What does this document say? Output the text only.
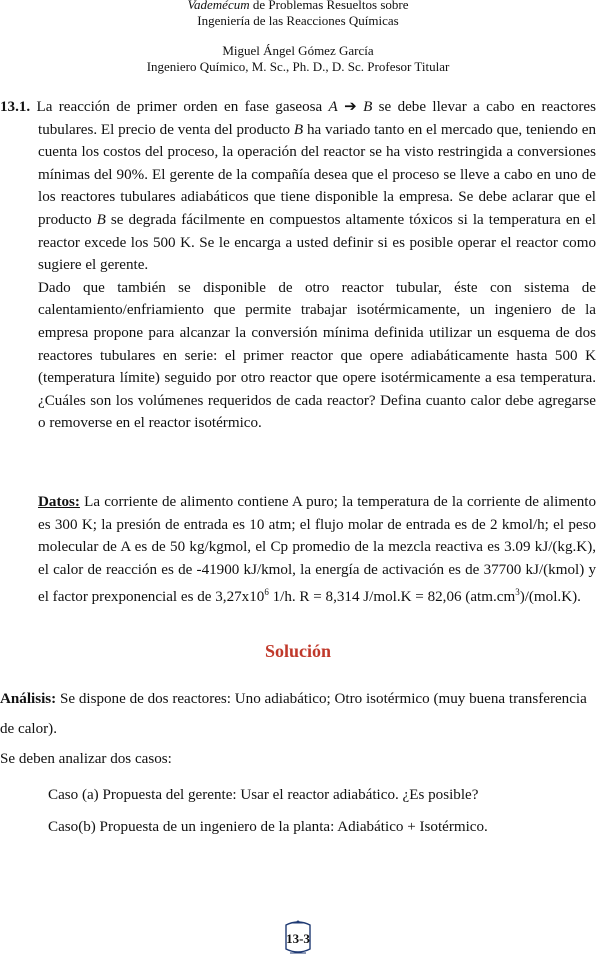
Vademécum de Problemas Resueltos sobre
Ingeniería de las Reacciones Químicas
Miguel Ángel Gómez García
Ingeniero Químico, M. Sc., Ph. D., D. Sc. Profesor Titular

13.1. La reacción de primer orden en fase gaseosa A ➔ B se debe llevar a cabo en reactores tubulares. El precio de venta del producto B ha variado tanto en el mercado que, teniendo en cuenta los costos del proceso, la operación del reactor se ha visto restringida a conversiones mínimas del 90%. El gerente de la compañía desea que el proceso se lleve a cabo en uno de los reactores tubulares adiabáticos que tiene disponible la empresa. Se debe aclarar que el producto B se degrada fácilmente en compuestos altamente tóxicos si la temperatura en el reactor excede los 500 K. Se le encarga a usted definir si es posible operar el reactor como sugiere el gerente.

Dado que también se disponible de otro reactor tubular, éste con sistema de calentamiento/enfriamiento que permite trabajar isotérmicamente, un ingeniero de la empresa propone para alcanzar la conversión mínima definida utilizar un esquema de dos reactores tubulares en serie: el primer reactor que opere adiabáticamente hasta 500 K (temperatura límite) seguido por otro reactor que opere isotérmicamente a esa temperatura. ¿Cuáles son los volúmenes requeridos de cada reactor? Defina cuanto calor debe agregarse o removerse en el reactor isotérmico.

Datos: La corriente de alimento contiene A puro; la temperatura de la corriente de alimento es 300 K; la presión de entrada es 10 atm; el flujo molar de entrada es de 2 kmol/h; el peso molecular de A es de 50 kg/kgmol, el Cp promedio de la mezcla reactiva es 3.09 kJ/(kg.K), el calor de reacción es de -41900 kJ/kmol, la energía de activación es de 37700 kJ/(kmol) y el factor prexponencial es de $3,27x10^6$ 1/h. R = 8,314 J/mol.K = 82,06 $(atm.cm^3)/(mol.K)$.
Solución
Análisis: Se dispone de dos reactores: Uno adiabático; Otro isotérmico (muy buena transferencia de calor).
Se deben analizar dos casos:
Caso (a) Propuesta del gerente: Usar el reactor adiabático. ¿Es posible?
Caso(b) Propuesta de un ingeniero de la planta: Adiabático + Isotérmico.
13-3
